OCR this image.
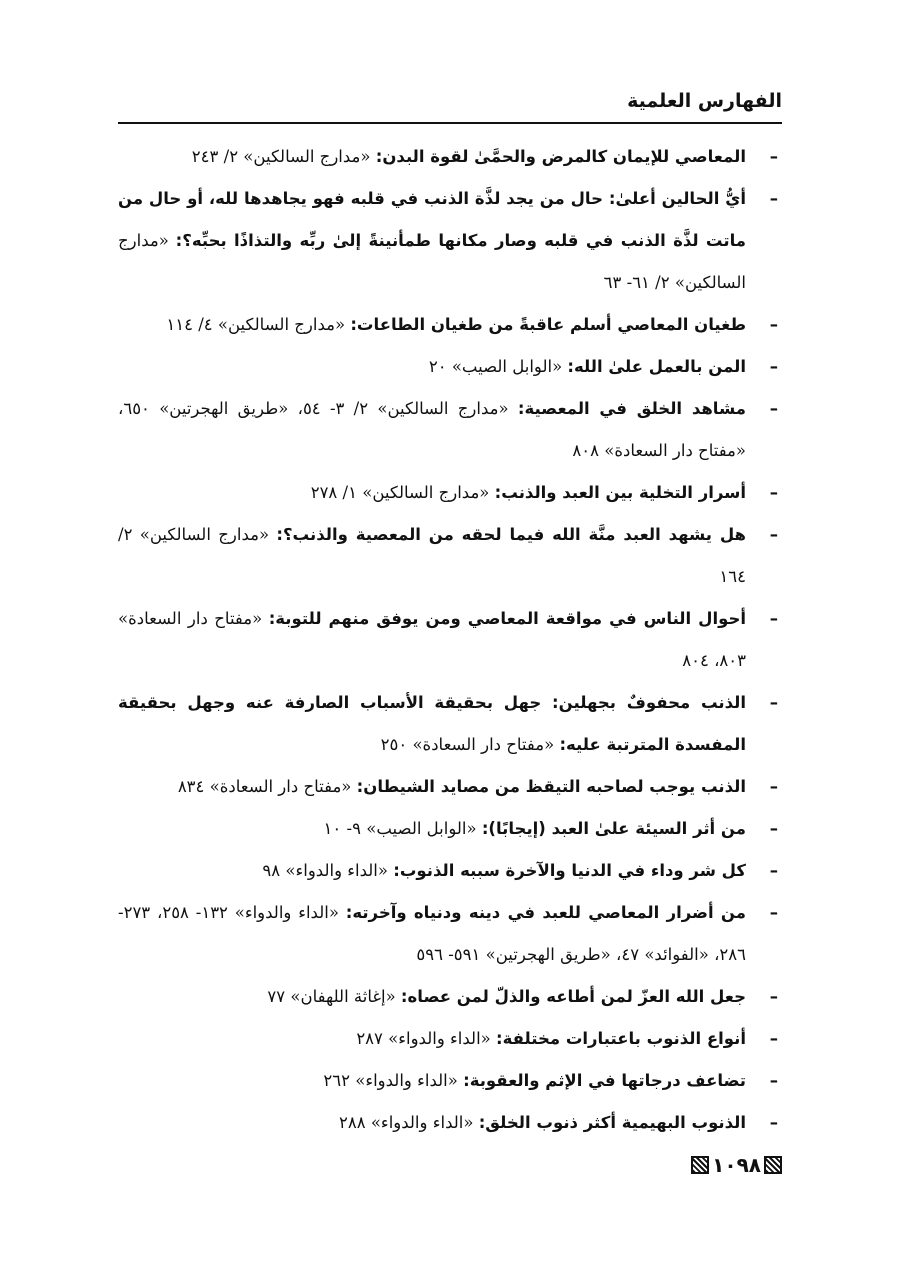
الفهارس العلمية
–
المعاصي للإيمان كالمرض والحمَّىٰ لقوة البدن: «مدارج السالكين» ٢/ ٢٤٣
–
أيُّ الحالين أعلىٰ: حال من يجد لذَّة الذنب في قلبه فهو يجاهدها لله، أو حال من ماتت لذَّة الذنب في قلبه وصار مكانها طمأنينةً إلىٰ ربِّه والتذاذًا بحبِّه؟: «مدارج السالكين» ٢/ ٦١- ٦٣
–
طغيان المعاصي أسلم عاقبةً من طغيان الطاعات: «مدارج السالكين» ٤/ ١١٤
–
المن بالعمل علىٰ الله: «الوابل الصيب» ٢٠
–
مشاهد الخلق في المعصية: «مدارج السالكين» ٢/ ٣- ٥٤، «طريق الهجرتين» ٦٥٠، «مفتاح دار السعادة» ٨٠٨
–
أسرار التخلية بين العبد والذنب: «مدارج السالكين» ١/ ٢٧٨
–
هل يشهد العبد منَّة الله فيما لحقه من المعصية والذنب؟: «مدارج السالكين» ٢/ ١٦٤
–
أحوال الناس في مواقعة المعاصي ومن يوفق منهم للتوبة: «مفتاح دار السعادة» ٨٠٣، ٨٠٤
–
الذنب محفوفٌ بجهلين: جهل بحقيقة الأسباب الصارفة عنه وجهل بحقيقة المفسدة المترتبة عليه: «مفتاح دار السعادة» ٢٥٠
–
الذنب يوجب لصاحبه التيقظ من مصايد الشيطان: «مفتاح دار السعادة» ٨٣٤
–
من أثر السيئة علىٰ العبد (إيجابًا): «الوابل الصيب» ٩- ١٠
–
كل شر وداء في الدنيا والآخرة سببه الذنوب: «الداء والدواء» ٩٨
–
من أضرار المعاصي للعبد في دينه ودنياه وآخرته: «الداء والدواء» ١٣٢- ٢٥٨، ٢٧٣- ٢٨٦، «الفوائد» ٤٧، «طريق الهجرتين» ٥٩١- ٥٩٦
–
جعل الله العزّ لمن أطاعه والذلّ لمن عصاه: «إغاثة اللهفان» ٧٧
–
أنواع الذنوب باعتبارات مختلفة: «الداء والدواء» ٢٨٧
–
تضاعف درجاتها في الإثم والعقوبة: «الداء والدواء» ٢٦٢
–
الذنوب البهيمية أكثر ذنوب الخلق: «الداء والدواء» ٢٨٨
١٠٩٨
